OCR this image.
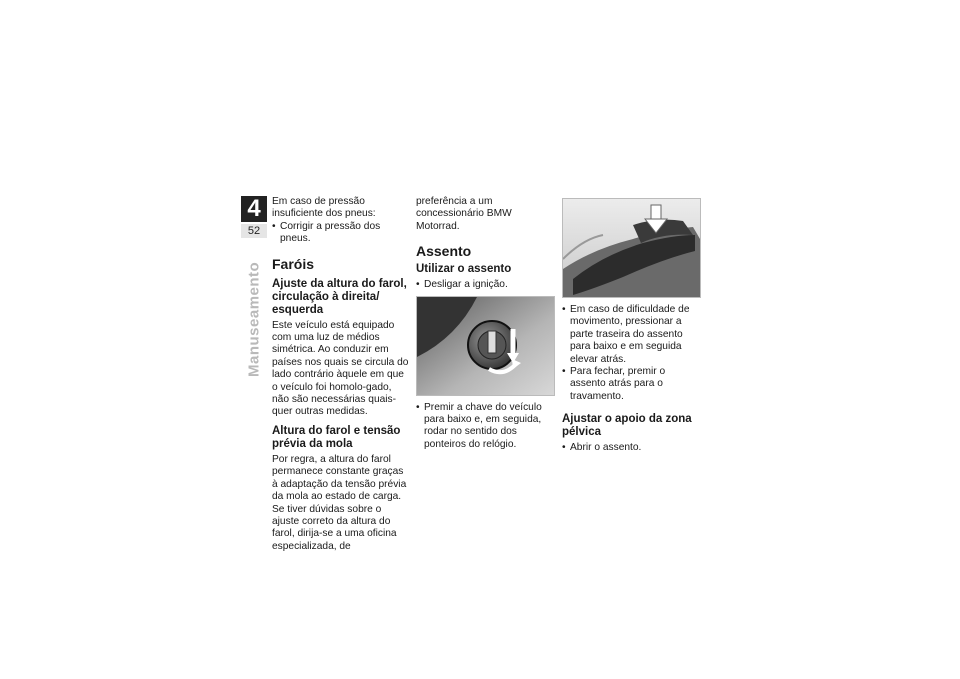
4
52
Manuseamento

Em caso de pressão insuficiente dos pneus:

• Corrigir a pressão dos pneus.

Faróis
Ajuste da altura do farol, circulação à direita/ esquerda

Este veículo está equipado com uma luz de médios simétrica. Ao conduzir em países nos quais se circula do lado contrário àquele em que o veículo foi homolo-gado, não são necessárias quais-quer outras medidas.

Altura do farol e tensão prévia da mola

Por regra, a altura do farol permanece constante graças à adaptação da tensão prévia da mola ao estado de carga.

Se tiver dúvidas sobre o ajuste correto da altura do farol, dirija-se a uma oficina especializada, de

preferência a um concessionário BMW Motorrad.

Assento
Utilizar o assento

• Desligar a ignição.

• Premir a chave do veículo para baixo e, em seguida, rodar no sentido dos ponteiros do relógio.

• Em caso de dificuldade de movimento, pressionar a parte traseira do assento para baixo e em seguida elevar atrás.

• Para fechar, premir o assento atrás para o travamento.

Ajustar o apoio da zona pélvica

• Abrir o assento.
